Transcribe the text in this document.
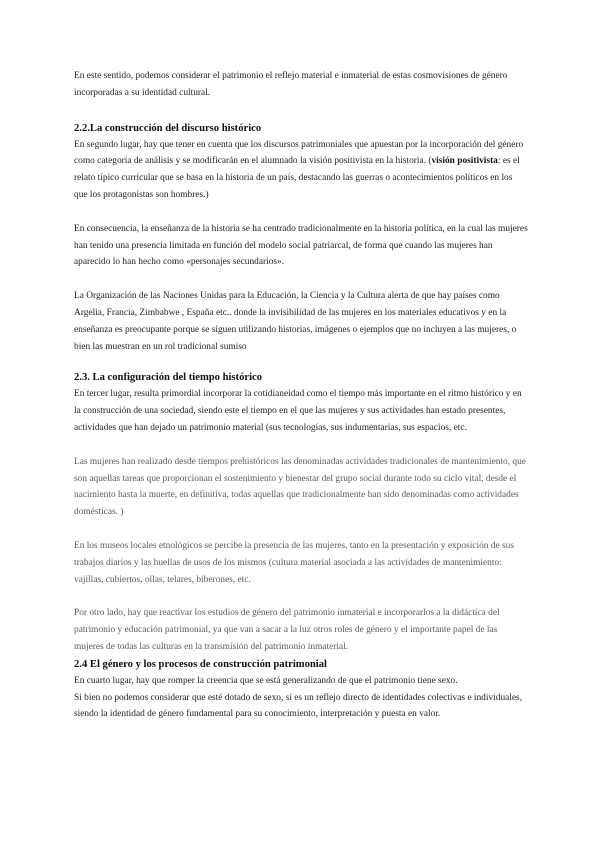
En este sentido, podemos considerar el patrimonio el reflejo material e inmaterial de estas cosmovisiones de género incorporadas a su identidad cultural.

2.2.La construcción del discurso histórico

En segundo lugar, hay que tener en cuenta que los discursos patrimoniales que apuestan por la incorporación del género como categoría de análisis y se modificarán en el alumnado la visión positivista en la historia. (visión positivista: es el relato típico curricular que se basa en la historia de un país, destacando las guerras o acontecimientos políticos en los que los protagonistas son hombres.)

En consecuencia, la enseñanza de la historia se ha centrado tradicionalmente en la historia política, en la cual las mujeres han tenido una presencia limitada en función del modelo social patriarcal, de forma que cuando las mujeres han aparecido lo han hecho como «personajes secundarios».

La Organización de las Naciones Unidas para la Educación, la Ciencia y la Cultura alerta de que hay países como Argelia, Francia, Zimbabwe , España etc.. donde la invisibilidad de las mujeres en los materiales educativos y en la enseñanza es preocupante porque se siguen utilizando historias, imágenes o ejemplos que no incluyen a las mujeres, o bien las muestran en un rol tradicional sumiso

2.3. La configuración del tiempo histórico

En tercer lugar, resulta primordial incorporar la cotidianeidad como el tiempo más importante en el ritmo histórico y en la construcción de una sociedad, siendo este el tiempo en el que las mujeres y sus actividades han estado presentes, actividades que han dejado un patrimonio material (sus tecnologías, sus indumentarias, sus espacios, etc.

Las mujeres han realizado desde tiempos prehistóricos las denominadas actividades tradicionales de mantenimiento, que son aquellas tareas que proporcionan el sostenimiento y bienestar del grupo social durante todo su ciclo vital, desde el nacimiento hasta la muerte, en definitiva, todas aquellas que tradicionalmente han sido denominadas como actividades domésticas. )

En los museos locales etnológicos se percibe la presencia de las mujeres, tanto en la presentación y exposición de sus trabajos diarios y las huellas de usos de los mismos (cultura material asociada a las actividades de mantenimiento: vajillas, cubiertos, ollas, telares, biberones, etc.

Por otro lado, hay que reactivar los estudios de género del patrimonio inmaterial e incorporarlos a la didáctica del patrimonio y educación patrimonial, ya que van a sacar a la luz otros roles de género y el importante papel de las mujeres de todas las culturas en la transmisión del patrimonio inmaterial.

2.4 El género y los procesos de construcción patrimonial

En cuarto lugar, hay que romper la creencia que se está generalizando de que el patrimonio tiene sexo.

Si bien no podemos considerar que esté dotado de sexo, sí es un reflejo directo de identidades colectivas e individuales, siendo la identidad de género fundamental para su conocimiento, interpretación y puesta en valor.
